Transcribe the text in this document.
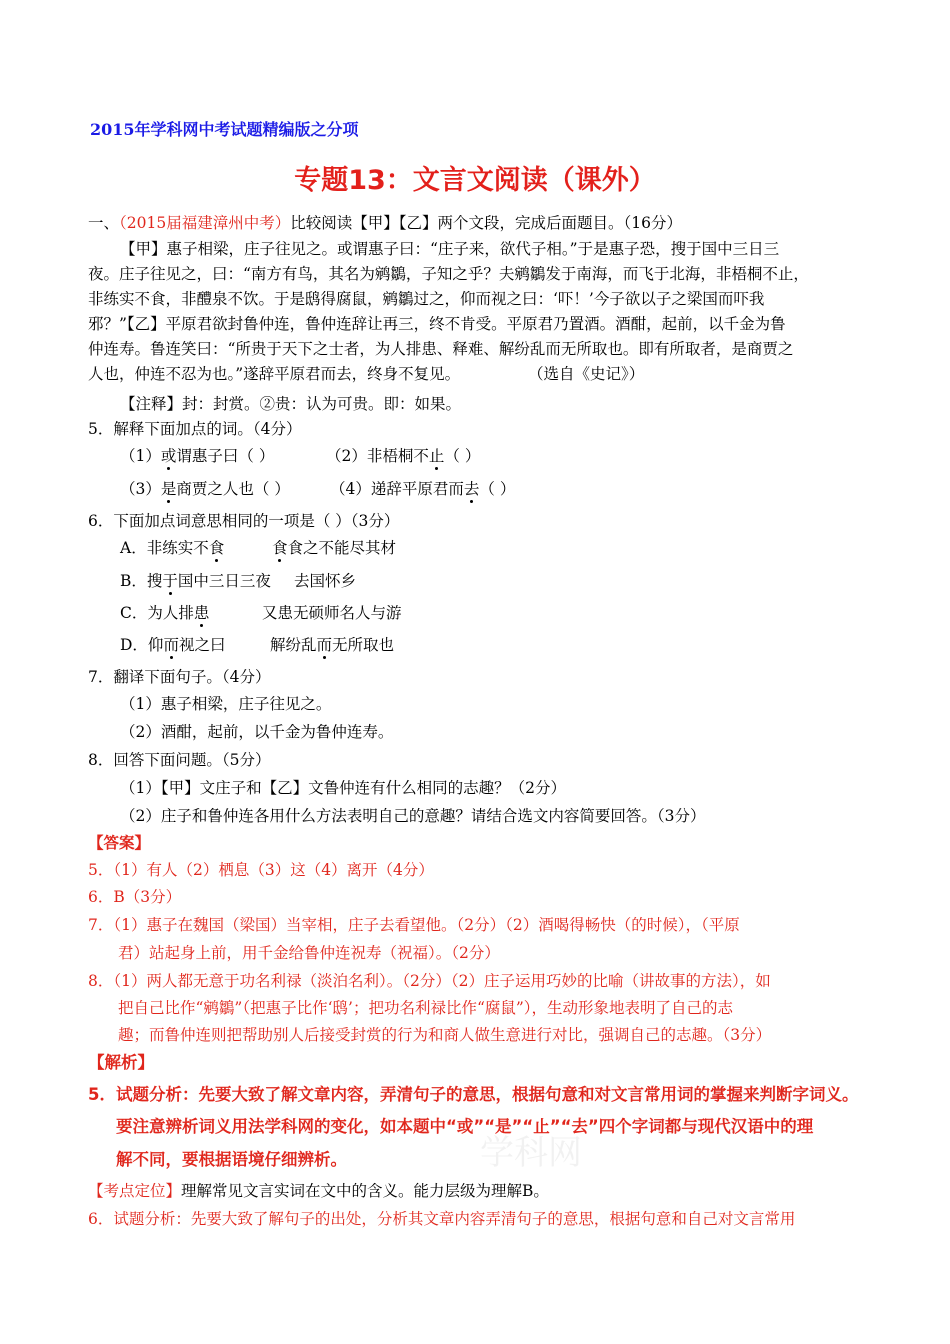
2015年学科网中考试题精编版之分项
专题13：文言文阅读（课外）
一、（2015届福建漳州中考）比较阅读【甲】【乙】两个文段，完成后面题目。（16分）
【甲】惠子相梁，庄子往见之。或谓惠子曰：“庄子来，欲代子相。”于是惠子恐，搜于国中三日三
夜。庄子往见之，曰：“南方有鸟，其名为鹓鶵，子知之乎？夫鹓鶵发于南海，而飞于北海，非梧桐不止，
非练实不食，非醴泉不饮。于是鸱得腐鼠，鹓鶵过之，仰而视之曰：‘吓！’今子欲以子之梁国而吓我
邪？”【乙】平原君欲封鲁仲连，鲁仲连辞让再三，终不肯受。平原君乃置酒。酒酣，起前，以千金为鲁
仲连寿。鲁连笑曰：“所贵于天下之士者，为人排患、释难、解纷乱而无所取也。即有所取者，是商贾之
人也，仲连不忍为也。”遂辞平原君而去，终身不复见。	（选自《史记》）
【注释】封：封赏。②贵：认为可贵。即：如果。
5．解释下面加点的词。（4分）
（1）或谓惠子曰（ ）	（2）非梧桐不止（ ）
（3）是商贾之人也（ ）	（4）递辞平原君而去（ ）
6．下面加点词意思相同的一项是（ ）（3分）
A．非练实不食	食食之不能尽其材
B．搜于国中三日三夜 去国怀乡
C．为人排患	又患无硕师名人与游
D．仰而视之曰	解纷乱而无所取也
7．翻译下面句子。（4分）
（1）惠子相梁，庄子往见之。
（2）酒酣，起前，以千金为鲁仲连寿。
8．回答下面问题。（5分）
（1）【甲】文庄子和【乙】文鲁仲连有什么相同的志趣？（2分）
（2）庄子和鲁仲连各用什么方法表明自己的意趣？请结合选文内容简要回答。（3分）
【答案】
5．（1）有人（2）栖息（3）这（4）离开（4分）
6．B（3分）
7．（1）惠子在魏国（梁国）当宰相，庄子去看望他。（2分）（2）酒喝得畅快（的时候），（平原
君）站起身上前，用千金给鲁仲连祝寿（祝福）。（2分）
8．（1）两人都无意于功名利禄（淡泊名利）。（2分）（2）庄子运用巧妙的比喻（讲故事的方法），如
把自己比作“鹓鶵”（把惠子比作‘鸱’；把功名利禄比作“腐鼠”），生动形象地表明了自己的志
趣；而鲁仲连则把帮助别人后接受封赏的行为和商人做生意进行对比，强调自己的志趣。（3分）
学科网
【解析】
5．试题分析：先要大致了解文章内容，弄清句子的意思，根据句意和对文言常用词的掌握来判断字词义。
要注意辨析词义用法学科网的变化，如本题中“或”“是”“止”“去”四个字词都与现代汉语中的理
解不同，要根据语境仔细辨析。
【考点定位】理解常见文言实词在文中的含义。能力层级为理解B。
6．试题分析：先要大致了解句子的出处，分析其文章内容弄清句子的意思，根据句意和自己对文言常用
